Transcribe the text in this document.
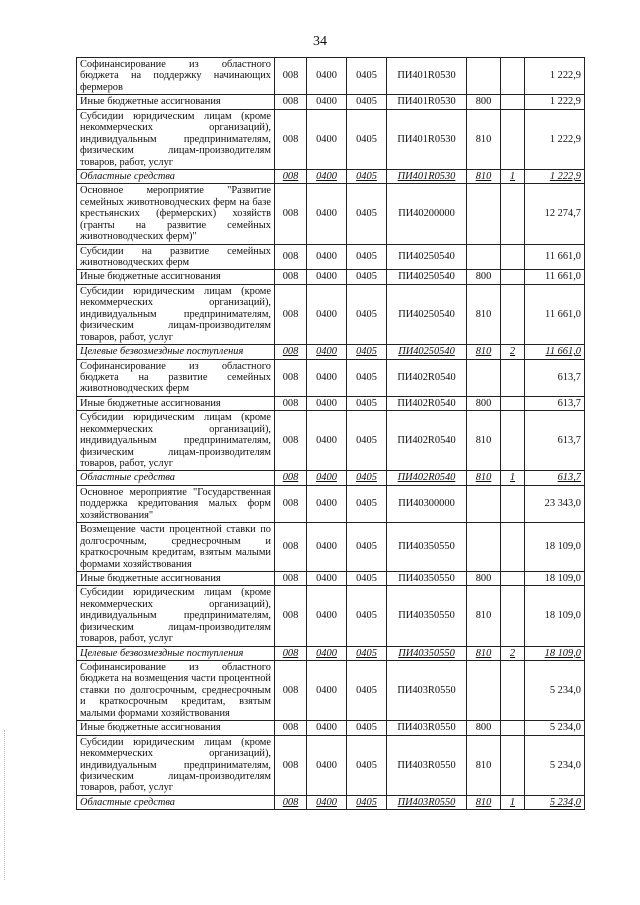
34
Софинансирование из областного бюджета на поддержку начинающих фермеров	008	0400	0405	ПИ401R0530			1 222,9
Иные бюджетные ассигнования	008	0400	0405	ПИ401R0530	800		1 222,9
Субсидии юридическим лицам (кроме некоммерческих организаций), индивидуальным предпринимателям, физическим лицам-производителям товаров, работ, услуг	008	0400	0405	ПИ401R0530	810		1 222,9
Областные средства	008	0400	0405	ПИ401R0530	810	1	1 222,9
Основное мероприятие "Развитие семейных животноводческих ферм на базе крестьянских (фермерских) хозяйств (гранты на развитие семейных животноводческих ферм)"	008	0400	0405	ПИ40200000			12 274,7
Субсидии на развитие семейных животноводческих ферм	008	0400	0405	ПИ40250540			11 661,0
Иные бюджетные ассигнования	008	0400	0405	ПИ40250540	800		11 661,0
Субсидии юридическим лицам (кроме некоммерческих организаций), индивидуальным предпринимателям, физическим лицам-производителям товаров, работ, услуг	008	0400	0405	ПИ40250540	810		11 661,0
Целевые безвозмездные поступления	008	0400	0405	ПИ40250540	810	2	11 661,0
Софинансирование из областного бюджета на развитие семейных животноводческих ферм	008	0400	0405	ПИ402R0540			613,7
Иные бюджетные ассигнования	008	0400	0405	ПИ402R0540	800		613,7
Субсидии юридическим лицам (кроме некоммерческих организаций), индивидуальным предпринимателям, физическим лицам-производителям товаров, работ, услуг	008	0400	0405	ПИ402R0540	810		613,7
Областные средства	008	0400	0405	ПИ402R0540	810	1	613,7
Основное мероприятие "Государственная поддержка кредитования малых форм хозяйствования"	008	0400	0405	ПИ40300000			23 343,0
Возмещение части процентной ставки по долгосрочным, среднесрочным и краткосрочным кредитам, взятым малыми формами хозяйствования	008	0400	0405	ПИ40350550			18 109,0
Иные бюджетные ассигнования	008	0400	0405	ПИ40350550	800		18 109,0
Субсидии юридическим лицам (кроме некоммерческих организаций), индивидуальным предпринимателям, физическим лицам-производителям товаров, работ, услуг	008	0400	0405	ПИ40350550	810		18 109,0
Целевые безвозмездные поступления	008	0400	0405	ПИ40350550	810	2	18 109,0
Софинансирование из областного бюджета на возмещения части процентной ставки по долгосрочным, среднесрочным и краткосрочным кредитам, взятым малыми формами хозяйствования	008	0400	0405	ПИ403R0550			5 234,0
Иные бюджетные ассигнования	008	0400	0405	ПИ403R0550	800		5 234,0
Субсидии юридическим лицам (кроме некоммерческих организаций), индивидуальным предпринимателям, физическим лицам-производителям товаров, работ, услуг	008	0400	0405	ПИ403R0550	810		5 234,0
Областные средства	008	0400	0405	ПИ403R0550	810	1	5 234,0
